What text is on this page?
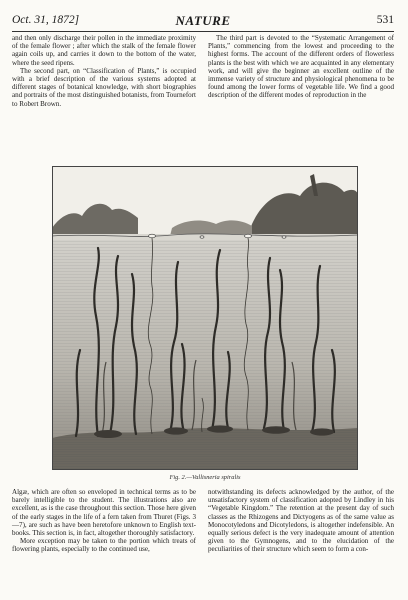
Oct. 31, 1872]	NATURE	531

and then only discharge their pollen in the immediate proximity of the female flower ; after which the stalk of the female flower again coils up, and carries it down to the bottom of the water, where the seed ripens.

The second part, on “Classification of Plants,” is occupied with a brief description of the various systems adopted at different stages of botanical knowledge, with short biographies and portraits of the most distinguished botanists, from Tournefort to Robert Brown.

The third part is devoted to the “Systematic Arrangement of Plants,” commencing from the lowest and proceeding to the highest forms. The account of the different orders of flowerless plants is the best with which we are acquainted in any elementary work, and will give the beginner an excellent outline of the immense variety of structure and physiological phenomena to be found among the lower forms of vegetable life. We find a good description of the different modes of reproduction in the

Fig. 2.—Vallisneria spiralis

Algæ, which are often so enveloped in technical terms as to be barely intelligible to the student. The illustrations also are excellent, as is the case throughout this section. Those here given of the early stages in the life of a fern taken from Thuret (Figs. 3—7), are such as have been heretofore unknown to English text-books. This section is, in fact, altogether thoroughly satisfactory.

More exception may be taken to the portion which treats of flowering plants, especially to the continued use,

notwithstanding its defects acknowledged by the author, of the unsatisfactory system of classification adopted by Lindley in his “Vegetable Kingdom.” The retention at the present day of such classes as the Rhizogens and Dictyogens as of the same value as Monocotyledons and Dicotyledons, is altogether indefensible. An equally serious defect is the very inadequate amount of attention given to the Gymnogens, and to the elucidation of the peculiarities of their structure which seem to form a con-
